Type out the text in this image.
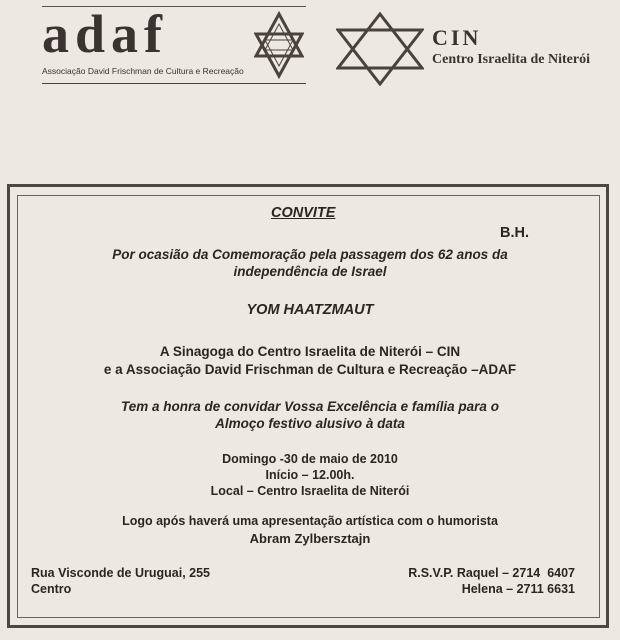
adaf
Associação David Frischman de Cultura e Recreação
CIN
Centro Israelita de Niterói
CONVITE
B.H.
Por ocasião da Comemoração pela passagem dos 62 anos da
independência de Israel
YOM HAATZMAUT
A Sinagoga do Centro Israelita de Niterói – CIN
e a Associação David Frischman de Cultura e Recreação –ADAF
Tem a honra de convidar Vossa Excelência e família para o
Almoço festivo alusivo à data
Domingo -30 de maio de 2010
Início – 12.00h.
Local – Centro Israelita de Niterói
Logo após haverá uma apresentação artística com o humorista
Abram Zylbersztajn
Rua Visconde de Uruguai, 255
Centro
R.S.V.P. Raquel – 2714  6407
Helena – 2711 6631
